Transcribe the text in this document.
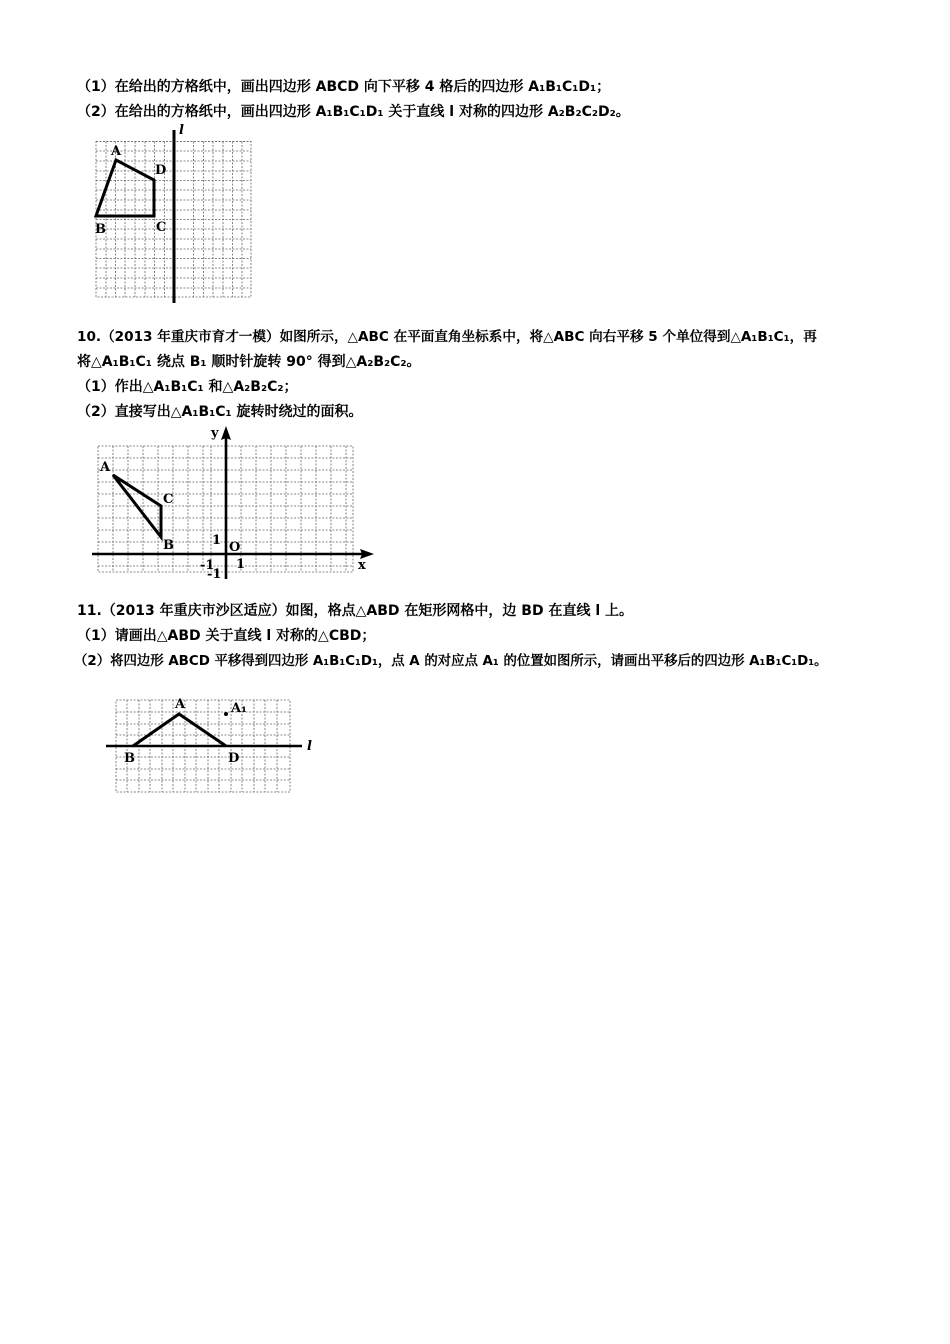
（1）在给出的方格纸中，画出四边形 ABCD 向下平移 4 格后的四边形 A₁B₁C₁D₁；
（2）在给出的方格纸中，画出四边形 A₁B₁C₁D₁ 关于直线 l 对称的四边形 A₂B₂C₂D₂。
l
A
D
B	C
10.（2013 年重庆市育才一模）如图所示，△ABC 在平面直角坐标系中，将△ABC 向右平移 5 个单位得到△A₁B₁C₁，再
将△A₁B₁C₁ 绕点 B₁ 顺时针旋转 90° 得到△A₂B₂C₂。
（1）作出△A₁B₁C₁ 和△A₂B₂C₂；
（2）直接写出△A₁B₁C₁ 旋转时绕过的面积。
x
y
O
1
-1 1
-1
A
C
B
11.（2013 年重庆市沙区适应）如图，格点△ABD 在矩形网格中，边 BD 在直线 l 上。
（1）请画出△ABD 关于直线 l 对称的△CBD；
（2）将四边形 ABCD 平移得到四边形 A₁B₁C₁D₁，点 A 的对应点 A₁ 的位置如图所示，请画出平移后的四边形 A₁B₁C₁D₁。
l
A	A₁
B	D
